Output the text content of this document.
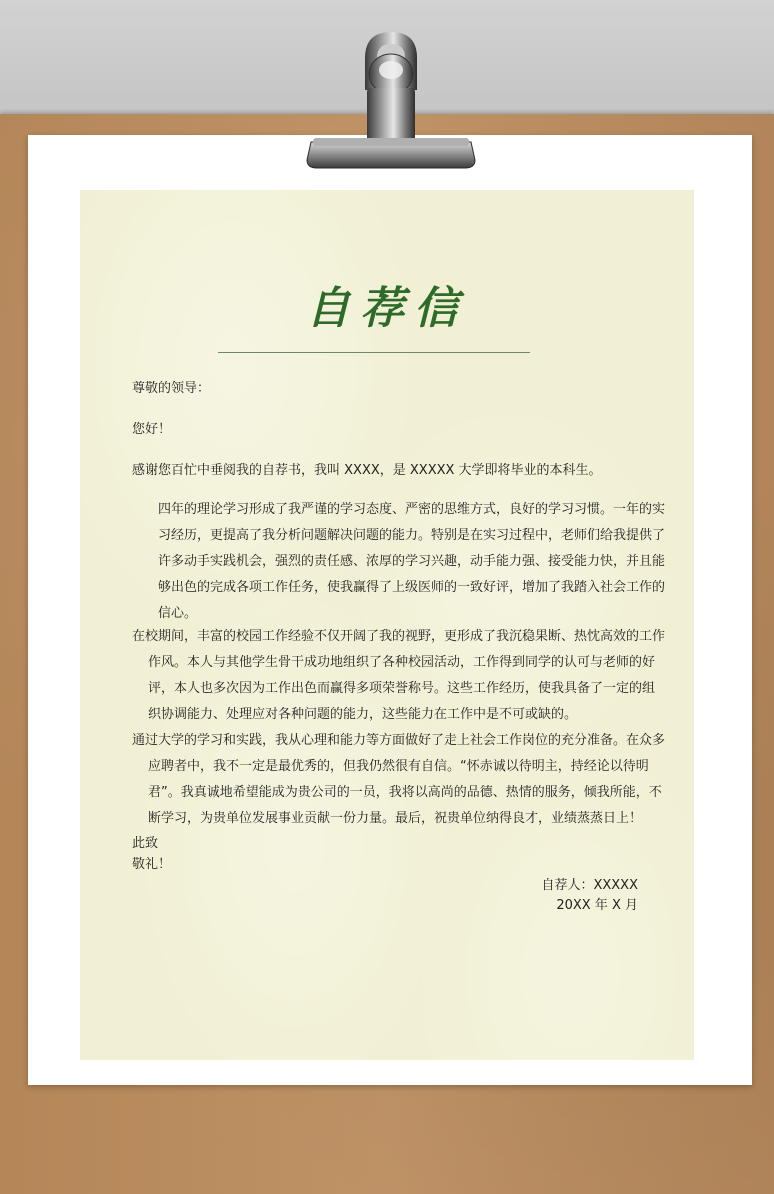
自荐信
尊敬的领导：
您好！
感谢您百忙中垂阅我的自荐书，我叫 XXXX，是 XXXXX 大学即将毕业的本科生。
四年的理论学习形成了我严谨的学习态度、严密的思维方式，良好的学习习惯。一年的实
习经历，更提高了我分析问题解决问题的能力。特别是在实习过程中，老师们给我提供了
许多动手实践机会，强烈的责任感、浓厚的学习兴趣，动手能力强、接受能力快，并且能
够出色的完成各项工作任务，使我赢得了上级医师的一致好评，增加了我踏入社会工作的
信心。
在校期间，丰富的校园工作经验不仅开阔了我的视野，更形成了我沉稳果断、热忱高效的工作
作风。本人与其他学生骨干成功地组织了各种校园活动，工作得到同学的认可与老师的好
评，本人也多次因为工作出色而赢得多项荣誉称号。这些工作经历，使我具备了一定的组
织协调能力、处理应对各种问题的能力，这些能力在工作中是不可或缺的。
通过大学的学习和实践，我从心理和能力等方面做好了走上社会工作岗位的充分准备。在众多
应聘者中，我不一定是最优秀的，但我仍然很有自信。“怀赤诚以待明主，持经论以待明
君”。我真诚地希望能成为贵公司的一员，我将以高尚的品德、热情的服务，倾我所能，不
断学习，为贵单位发展事业贡献一份力量。最后，祝贵单位纳得良才，业绩蒸蒸日上！
此致
敬礼！
自荐人：XXXXX
20XX 年 X 月
